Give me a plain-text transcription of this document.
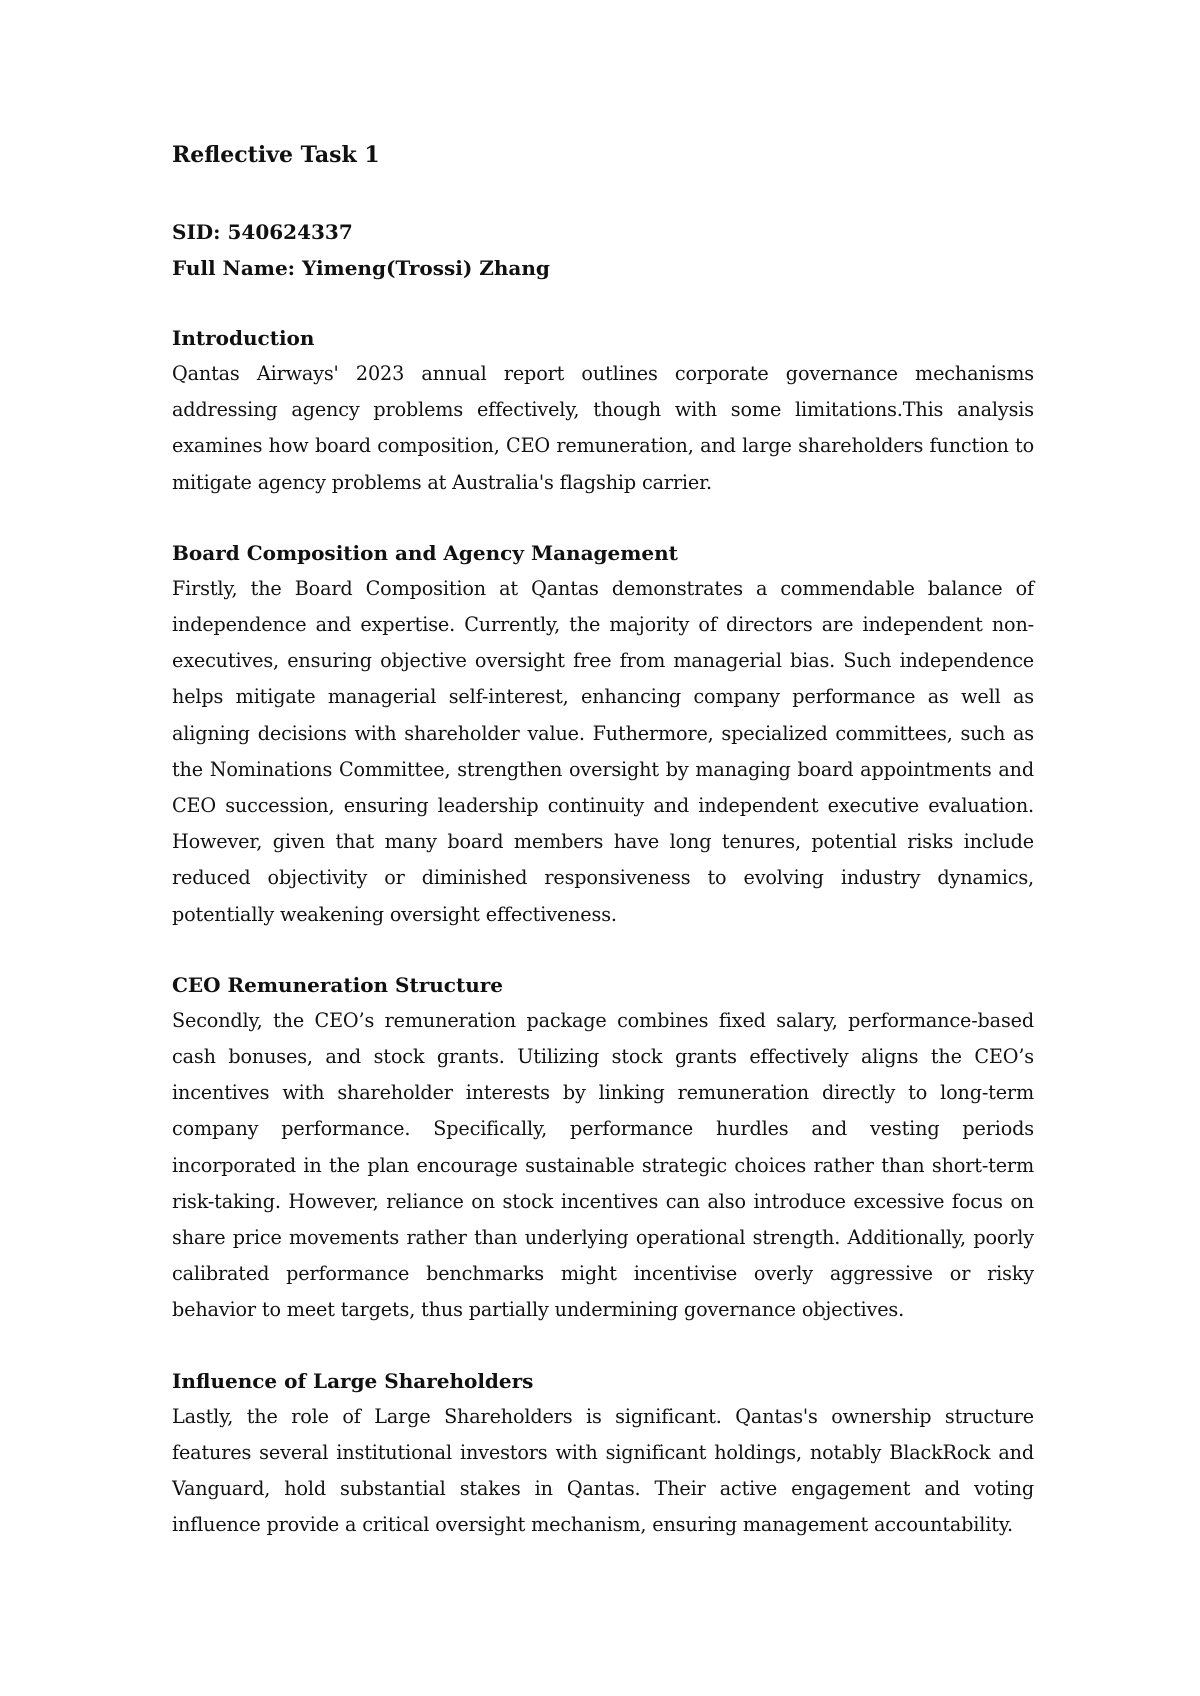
Reflective Task 1

SID: 540624337

Full Name: Yimeng(Trossi) Zhang

Introduction

Qantas Airways' 2023 annual report outlines corporate governance mechanisms addressing agency problems effectively, though with some limitations.This analysis examines how board composition, CEO remuneration, and large shareholders function to mitigate agency problems at Australia's flagship carrier.

Board Composition and Agency Management

Firstly, the Board Composition at Qantas demonstrates a commendable balance of independence and expertise. Currently, the majority of directors are independent non-executives, ensuring objective oversight free from managerial bias. Such independence helps mitigate managerial self-interest, enhancing company performance as well as aligning decisions with shareholder value. Futhermore, specialized committees, such as the Nominations Committee, strengthen oversight by managing board appointments and CEO succession, ensuring leadership continuity and independent executive evaluation. However, given that many board members have long tenures, potential risks include reduced objectivity or diminished responsiveness to evolving industry dynamics, potentially weakening oversight effectiveness.

CEO Remuneration Structure

Secondly, the CEO’s remuneration package combines fixed salary, performance-based cash bonuses, and stock grants. Utilizing stock grants effectively aligns the CEO’s incentives with shareholder interests by linking remuneration directly to long-term company performance. Specifically, performance hurdles and vesting periods incorporated in the plan encourage sustainable strategic choices rather than short-term risk-taking. However, reliance on stock incentives can also introduce excessive focus on share price movements rather than underlying operational strength. Additionally, poorly calibrated performance benchmarks might incentivise overly aggressive or risky behavior to meet targets, thus partially undermining governance objectives.

Influence of Large Shareholders

Lastly, the role of Large Shareholders is significant. Qantas's ownership structure features several institutional investors with significant holdings, notably BlackRock and Vanguard, hold substantial stakes in Qantas. Their active engagement and voting influence provide a critical oversight mechanism, ensuring management accountability.
